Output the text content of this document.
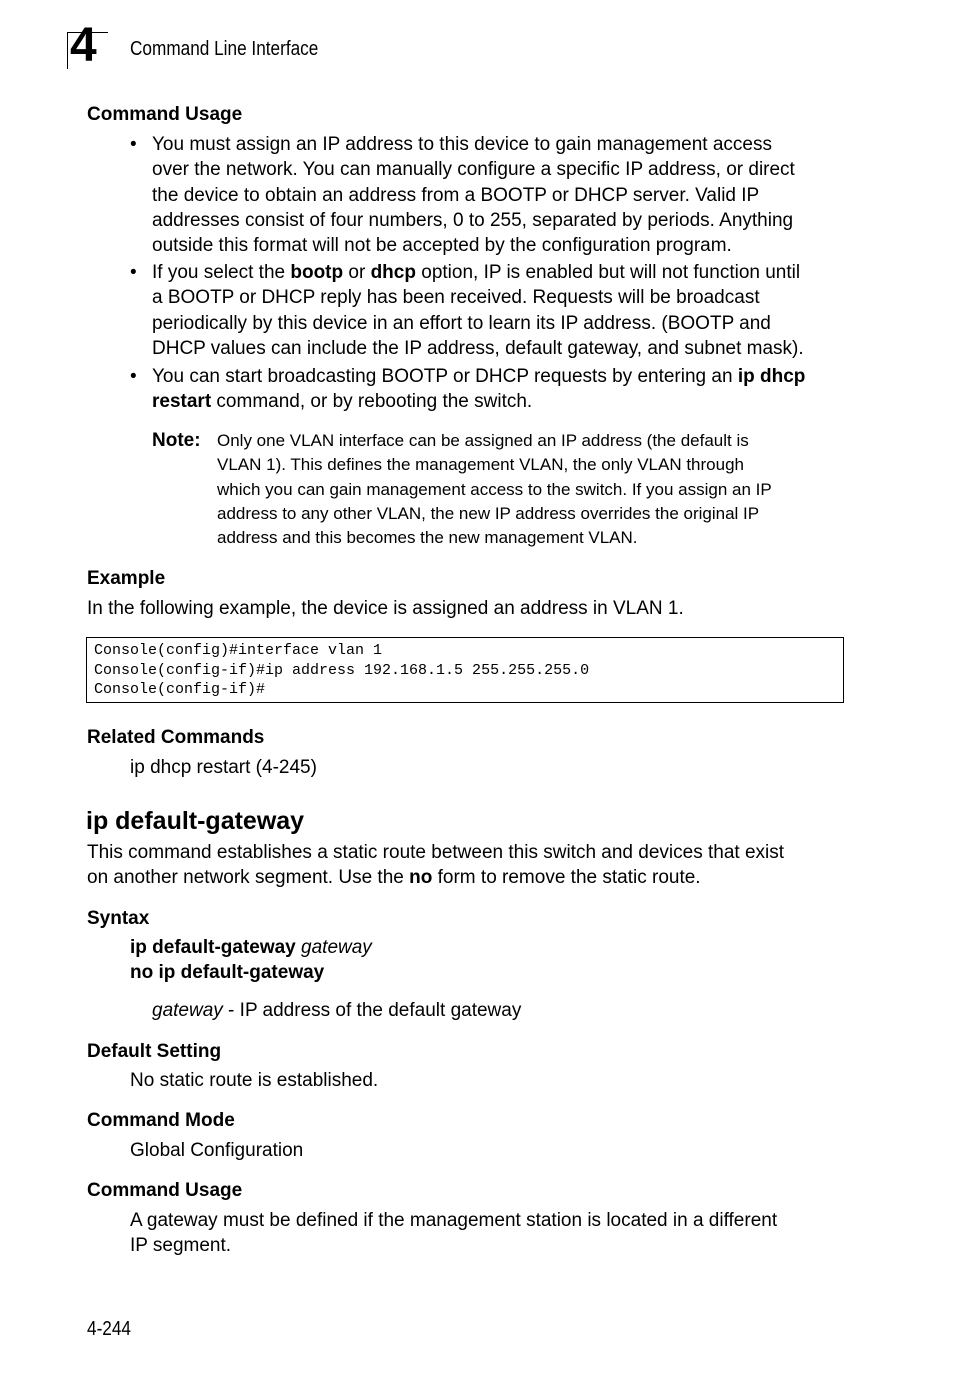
4 Command Line Interface
Command Usage
• You must assign an IP address to this device to gain management access
over the network. You can manually configure a specific IP address, or direct
the device to obtain an address from a BOOTP or DHCP server. Valid IP
addresses consist of four numbers, 0 to 255, separated by periods. Anything
outside this format will not be accepted by the configuration program.
• If you select the bootp or dhcp option, IP is enabled but will not function until
a BOOTP or DHCP reply has been received. Requests will be broadcast
periodically by this device in an effort to learn its IP address. (BOOTP and
DHCP values can include the IP address, default gateway, and subnet mask).
• You can start broadcasting BOOTP or DHCP requests by entering an ip dhcp
restart command, or by rebooting the switch.
Note: Only one VLAN interface can be assigned an IP address (the default is
VLAN 1). This defines the management VLAN, the only VLAN through
which you can gain management access to the switch. If you assign an IP
address to any other VLAN, the new IP address overrides the original IP
address and this becomes the new management VLAN.
Example
In the following example, the device is assigned an address in VLAN 1.
Console(config)#interface vlan 1
Console(config-if)#ip address 192.168.1.5 255.255.255.0
Console(config-if)#
Related Commands
ip dhcp restart (4-245)
ip default-gateway
This command establishes a static route between this switch and devices that exist
on another network segment. Use the no form to remove the static route.
Syntax
ip default-gateway gateway
no ip default-gateway
gateway - IP address of the default gateway
Default Setting
No static route is established.
Command Mode
Global Configuration
Command Usage
A gateway must be defined if the management station is located in a different
IP segment.
4-244
